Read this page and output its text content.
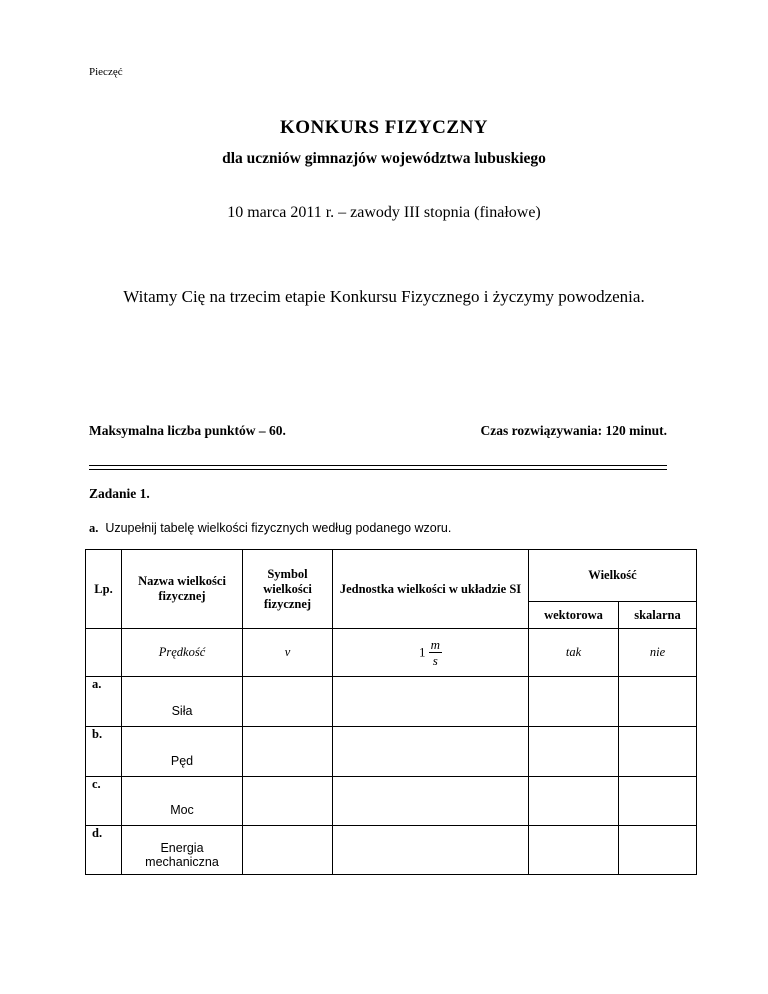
Pieczęć
KONKURS FIZYCZNY
dla uczniów gimnazjów województwa lubuskiego
10 marca 2011 r. – zawody III stopnia (finałowe)
Witamy Cię na trzecim etapie Konkursu Fizycznego i życzymy powodzenia.
Maksymalna liczba punktów – 60.	Czas rozwiązywania: 120 minut.
Zadanie 1.
a. Uzupełnij tabelę wielkości fizycznych według podanego wzoru.
Lp.	Nazwa wielkości fizycznej	Symbol wielkości fizycznej	Jednostka wielkości w układzie SI	Wielkość	
				wektorowa	skalarna
	Prędkość	v	$1 \frac{m}{s}$	tak	nie
a.	Siła				
b.	Pęd				
c.	Moc				
d.	Energia mechaniczna				
